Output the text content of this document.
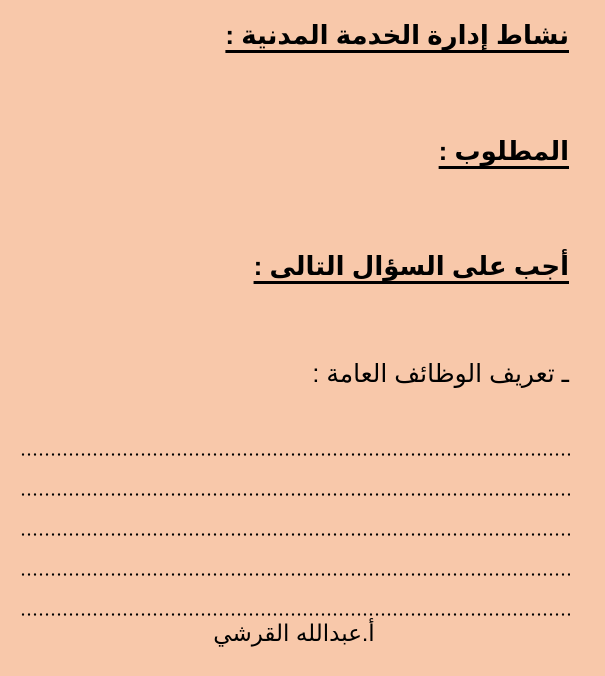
نشاط إدارة الخدمة المدنية :
المطلوب :
أجب على السؤال التالى :
ـ تعريف الوظائف العامة :
أ.عبدالله القرشي
